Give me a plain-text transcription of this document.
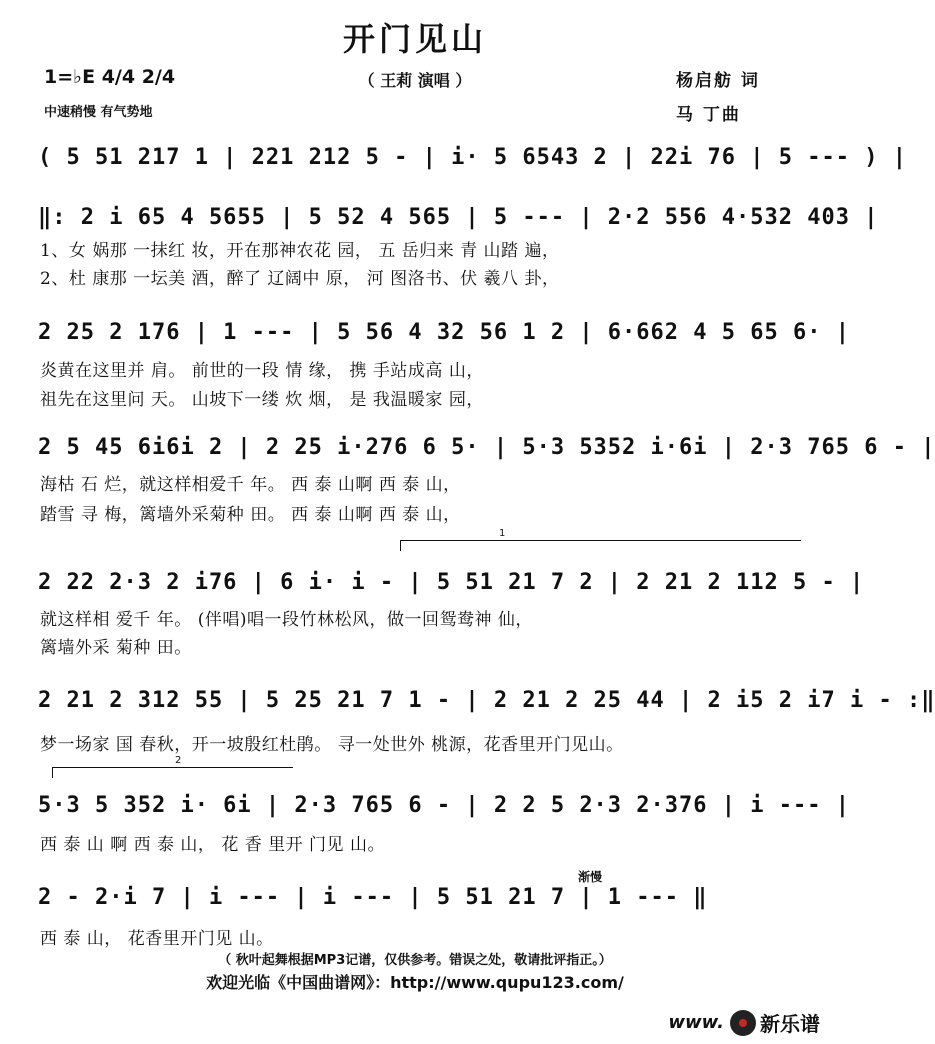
开门见山
（ 王莉 演唱 ）
1=♭E 4/4 2/4
中速稍慢 有气势地
杨启舫 词
马 丁曲
( 5 51 217 1 | 221 212 5 - | i· 5 6543 2 | 22i 76 | 5 --- ) |
‖: 2 i 65 4 5655 | 5 52 4 565 | 5 --- | 2·2 556 4·532 403 |
1、女 娲那 一抹红 妆，开在那神农花 园， 五 岳归来 青 山踏 遍，
2、杜 康那 一坛美 酒，醉了 辽阔中 原， 河 图洛书、伏 羲八 卦，
2 25 2 176 | 1 --- | 5 56 4 32 56 1 2 | 6·662 4 5 65 6· |
炎黄在这里并 肩。 前世的一段 情 缘， 携 手站成高 山，
祖先在这里问 天。 山坡下一缕 炊 烟， 是 我温暖家 园，
2 5 45 6i6i 2 | 2 25 i·276 6 5· | 5·3 5352 i·6i | 2·3 765 6 - |
海枯 石 烂，就这样相爱千 年。 西 泰 山啊 西 泰 山，
踏雪 寻 梅，篱墙外采菊种 田。 西 泰 山啊 西 泰 山，
1
2 22 2·3 2 i76 | 6 i· i - | 5 51 21 7 2 | 2 21 2 112 5 - |
就这样相 爱千 年。 (伴唱)唱一段竹林松风，做一回鸳鸯神 仙，
篱墙外采 菊种 田。
2 21 2 312 55 | 5 25 21 7 1 - | 2 21 2 25 44 | 2 i5 2 i7 i - :‖
梦一场家 国 春秋，开一坡殷红杜鹃。 寻一处世外 桃源，花香里开门见山。
2
5·3 5 352 i· 6i | 2·3 765 6 - | 2 2 5 2·3 2·376 | i --- |
西 泰 山 啊 西 泰 山， 花 香 里开 门见 山。
渐慢
2 - 2·i 7 | i --- | i --- | 5 51 21 7 | 1 --- ‖
西 泰 山， 花香里开门见 山。
（ 秋叶起舞根据MP3记谱，仅供参考。错误之处，敬请批评指正。）
欢迎光临《中国曲谱网》：http://www.qupu123.com/
www. 新乐谱
